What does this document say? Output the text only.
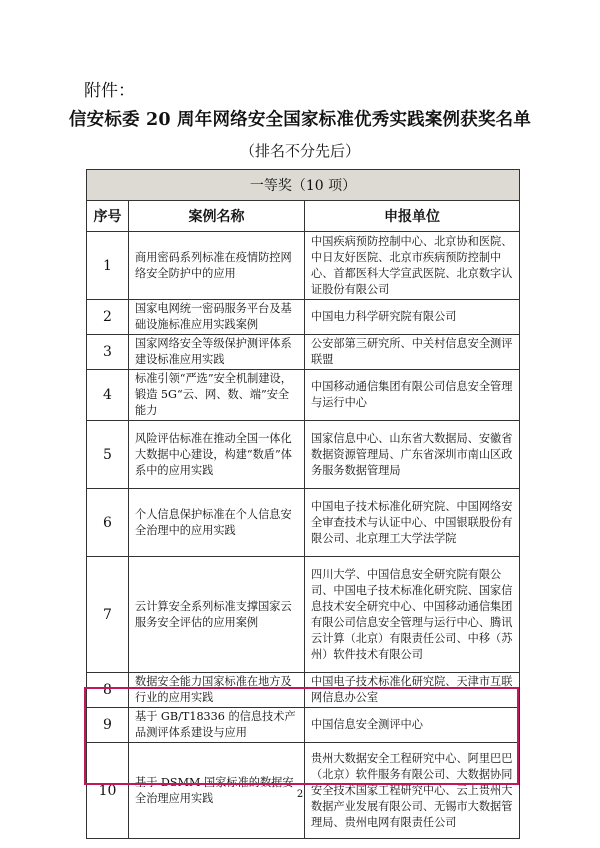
附件：
信安标委 20 周年网络安全国家标准优秀实践案例获奖名单
（排名不分先后）
一等奖（10 项）		
序号	案例名称	申报单位
1	商用密码系列标准在疫情防控网络安全防护中的应用	中国疾病预防控制中心、北京协和医院、中日友好医院、北京市疾病预防控制中心、首都医科大学宣武医院、北京数字认证股份有限公司
2	国家电网统一密码服务平台及基础设施标准应用实践案例	中国电力科学研究院有限公司
3	国家网络安全等级保护测评体系建设标准应用实践	公安部第三研究所、中关村信息安全测评联盟
4	标准引领“严选”安全机制建设，锻造 5G“云、网、数、端”安全能力	中国移动通信集团有限公司信息安全管理与运行中心
5	风险评估标准在推动全国一体化大数据中心建设，构建“数盾”体系中的应用实践	国家信息中心、山东省大数据局、安徽省数据资源管理局、广东省深圳市南山区政务服务数据管理局
6	个人信息保护标准在个人信息安全治理中的应用实践	中国电子技术标准化研究院、中国网络安全审查技术与认证中心、中国银联股份有限公司、北京理工大学法学院
7	云计算安全系列标准支撑国家云服务安全评估的应用案例	四川大学、中国信息安全研究院有限公司、中国电子技术标准化研究院、国家信息技术安全研究中心、中国移动通信集团有限公司信息安全管理与运行中心、腾讯云计算（北京）有限责任公司、中移（苏州）软件技术有限公司
8	数据安全能力国家标准在地方及行业的应用实践	中国电子技术标准化研究院、天津市互联网信息办公室
9	基于 GB/T18336 的信息技术产品测评体系建设与应用	中国信息安全测评中心
10	基于 DSMM 国家标准的数据安全治理应用实践	贵州大数据安全工程研究中心、阿里巴巴（北京）软件服务有限公司、大数据协同安全技术国家工程研究中心、云上贵州大数据产业发展有限公司、无锡市大数据管理局、贵州电网有限责任公司
2
